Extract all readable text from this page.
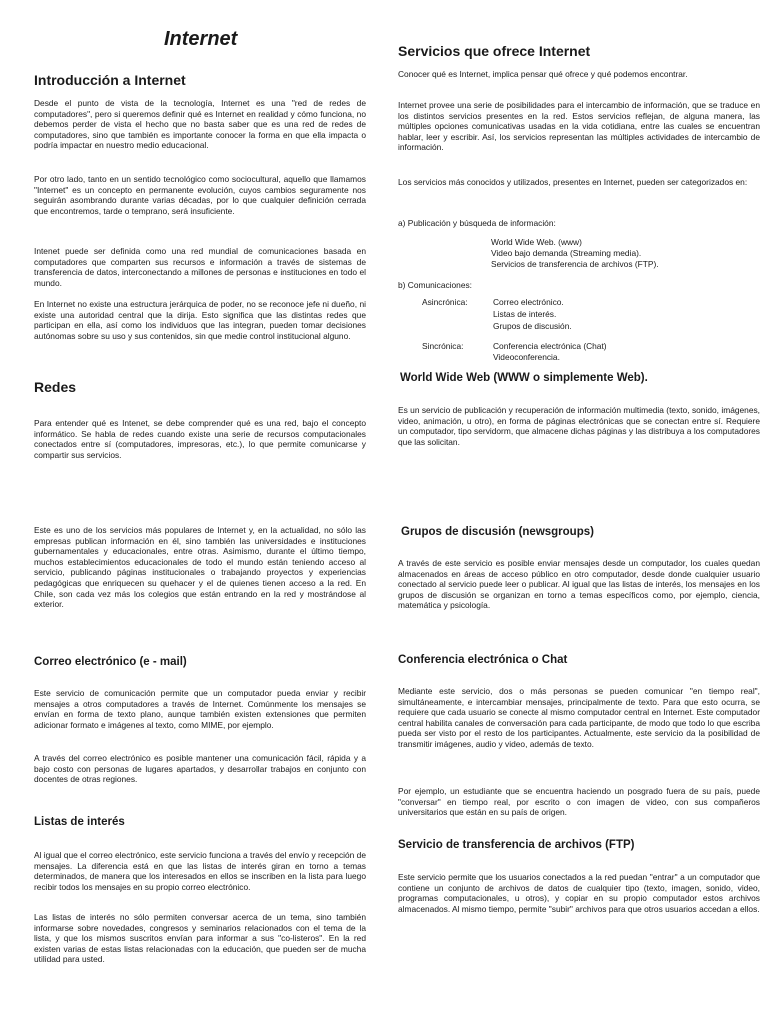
Internet
Introducción a Internet

Desde el punto de vista de la tecnología, Internet es una "red de redes de computadores", pero si queremos definir qué es Internet en realidad y cómo funciona, no debemos perder de vista el hecho que no basta saber que es una red de redes de computadores, sino que también es importante conocer la forma en que ella impacta o podría impactar en nuestro medio educacional.

Por otro lado, tanto en un sentido tecnológico como sociocultural, aquello que llamamos "Internet" es un concepto en permanente evolución, cuyos cambios seguramente nos seguirán asombrando durante varias décadas, por lo que cualquier definición cerrada que encontremos, tarde o temprano, será insuficiente.

Intenet puede ser definida como una red mundial de comunicaciones basada en computadores que comparten sus recursos e información a través de sistemas de transferencia de datos, interconectando a millones de personas e instituciones en todo el mundo.

En Internet no existe una estructura jerárquica de poder, no se reconoce jefe ni dueño, ni existe una autoridad central que la dirija. Esto significa que las distintas redes que participan en ella, así como los individuos que las integran, pueden tomar decisiones autónomas sobre su uso y sus contenidos, sin que medie control institucional alguno.

Redes

Para entender qué es Intenet, se debe comprender qué es una red, bajo el concepto informático. Se habla de redes cuando existe una serie de recursos computacionales conectados entre sí (computadores, impresoras, etc.), lo que permite comunicarse y compartir sus servicios.

Este es uno de los servicios más populares de Internet y, en la actualidad, no sólo las empresas publican información en él, sino también las universidades e instituciones gubernamentales y educacionales, entre otras. Asimismo, durante el último tiempo, muchos establecimientos educacionales de todo el mundo están teniendo acceso al servicio, publicando páginas institucionales o trabajando proyectos y experiencias pedagógicas que enriquecen su quehacer y el de quienes tienen acceso a la red. En Chile, son cada vez más los colegios que están entrando en la red y mostrándose al exterior.

Correo electrónico (e - mail)

Este servicio de comunicación permite que un computador pueda enviar y recibir mensajes a otros computadores a través de Internet. Comúnmente los mensajes se envían en forma de texto plano, aunque también existen extensiones que permiten adicionar formato e imágenes al texto, como MIME, por ejemplo.

A través del correo electrónico es posible mantener una comunicación fácil, rápida y a bajo costo con personas de lugares apartados, y desarrollar trabajos en conjunto con docentes de otras regiones.

Listas de interés

Al igual que el correo electrónico, este servicio funciona a través del envío y recepción de mensajes. La diferencia está en que las listas de interés giran en torno a temas determinados, de manera que los interesados en ellos se inscriben en la lista para luego recibir todos los mensajes en su propio correo electrónico.

Las listas de interés no sólo permiten conversar acerca de un tema, sino también informarse sobre novedades, congresos y seminarios relacionados con el tema de la lista, y que los mismos suscritos envían para informar a sus "co-listeros". En la red existen varias de estas listas relacionadas con la educación, que pueden ser de mucha utilidad para usted.

Servicios que ofrece Internet

Conocer qué es Internet, implica pensar qué ofrece y qué podemos encontrar.

Internet provee una serie de posibilidades para el intercambio de información, que se traduce en los distintos servicios presentes en la red. Estos servicios reflejan, de alguna manera, las múltiples opciones comunicativas usadas en la vida cotidiana, entre las cuales se encuentran hablar, leer y escribir. Así, los servicios representan las múltiples actividades de intercambio de información.

Los servicios más conocidos y utilizados, presentes en Internet, pueden ser categorizados en:

a) Publicación y búsqueda de información:
World Wide Web. (www)
Video bajo demanda (Streaming media).
Servicios de transferencia de archivos (FTP).
b) Comunicaciones:
Asincrónica:	Correo electrónico.
Listas de interés.
Grupos de discusión.
Sincrónica:	Conferencia electrónica (Chat)
Videoconferencia.
World Wide Web (WWW o simplemente Web).

Es un servicio de publicación y recuperación de información multimedia (texto, sonido, imágenes, video, animación, u otro), en forma de páginas electrónicas que se conectan entre sí. Requiere un computador, tipo servidorm, que almacene dichas páginas y las distribuya a los computadores que las solicitan.

Grupos de discusión (newsgroups)

A través de este servicio es posible enviar mensajes desde un computador, los cuales quedan almacenados en áreas de acceso público en otro computador, desde donde cualquier usuario conectado al servicio puede leer o publicar. Al igual que las listas de interés, los mensajes en los grupos de discusión se organizan en torno a temas específicos como, por ejemplo, ciencia, matemática y psicología.

Conferencia electrónica o Chat

Mediante este servicio, dos o más personas se pueden comunicar "en tiempo real", simultáneamente, e intercambiar mensajes, principalmente de texto. Para que esto ocurra, se requiere que cada usuario se conecte al mismo computador central en Internet. Este computador central habilita canales de conversación para cada participante, de modo que todo lo que escriba pueda ser visto por el resto de los participantes. Actualmente, este servicio da la posibilidad de transmitir imágenes, audio y video, además de texto.

Por ejemplo, un estudiante que se encuentra haciendo un posgrado fuera de su país, puede "conversar" en tiempo real, por escrito o con imagen de video, con sus compañeros universitarios que están en su país de origen.

Servicio de transferencia de archivos (FTP)

Este servicio permite que los usuarios conectados a la red puedan "entrar" a un computador que contiene un conjunto de archivos de datos de cualquier tipo (texto, imagen, sonido, video, programas computacionales, u otros), y copiar en su propio computador estos archivos almacenados. Al mismo tiempo, permite "subir" archivos para que otros usuarios accedan a ellos.
